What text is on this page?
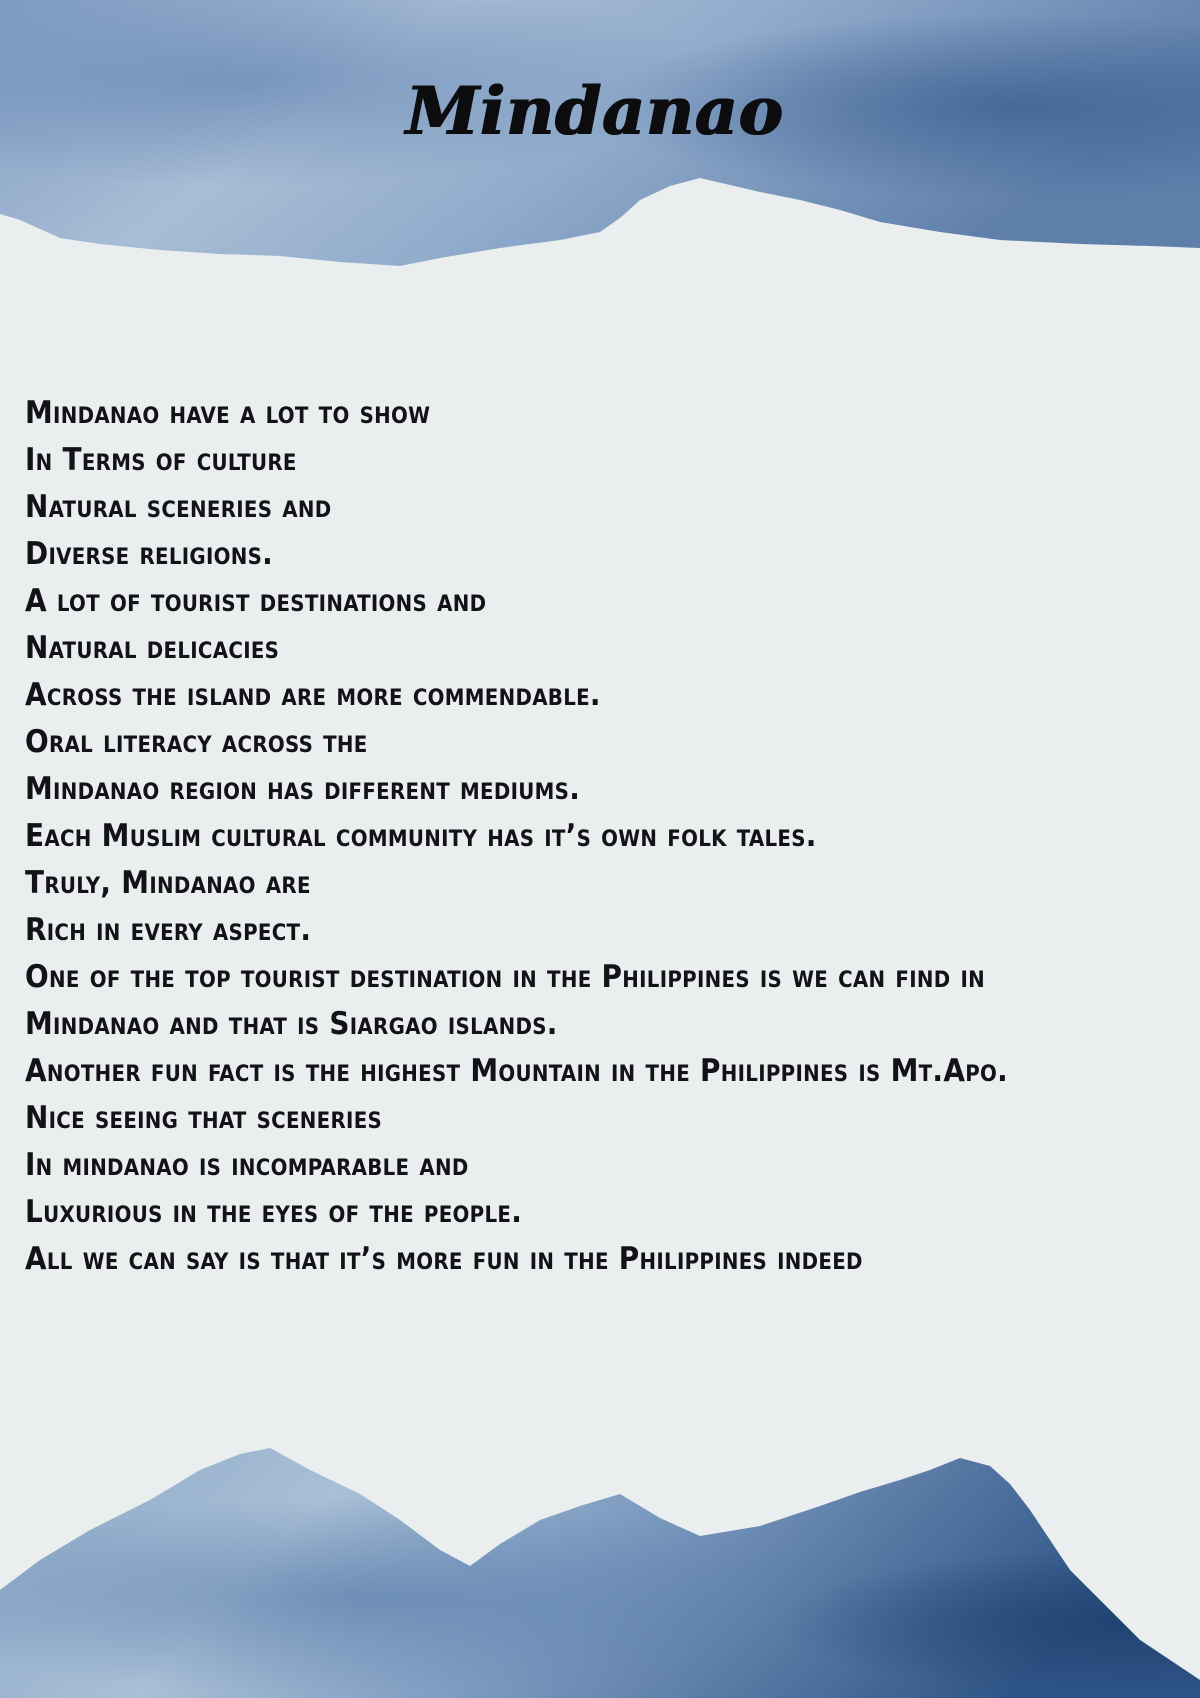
Mindanao
Mindanao have a lot to show
In Terms of culture
Natural sceneries and
Diverse religions.
A lot of tourist destinations and
Natural delicacies
Across the island are more commendable.
Oral literacy across the
Mindanao region has different mediums.
Each Muslim cultural community has it’s own folk tales.
Truly, Mindanao are
Rich in every aspect.
One of the top tourist destination in the Philippines is we can find in
Mindanao and that is Siargao islands.
Another fun fact is the highest Mountain in the Philippines is Mt.Apo.
Nice seeing that sceneries
In mindanao is incomparable and
Luxurious in the eyes of the people.
All we can say is that it’s more fun in the Philippines indeed
